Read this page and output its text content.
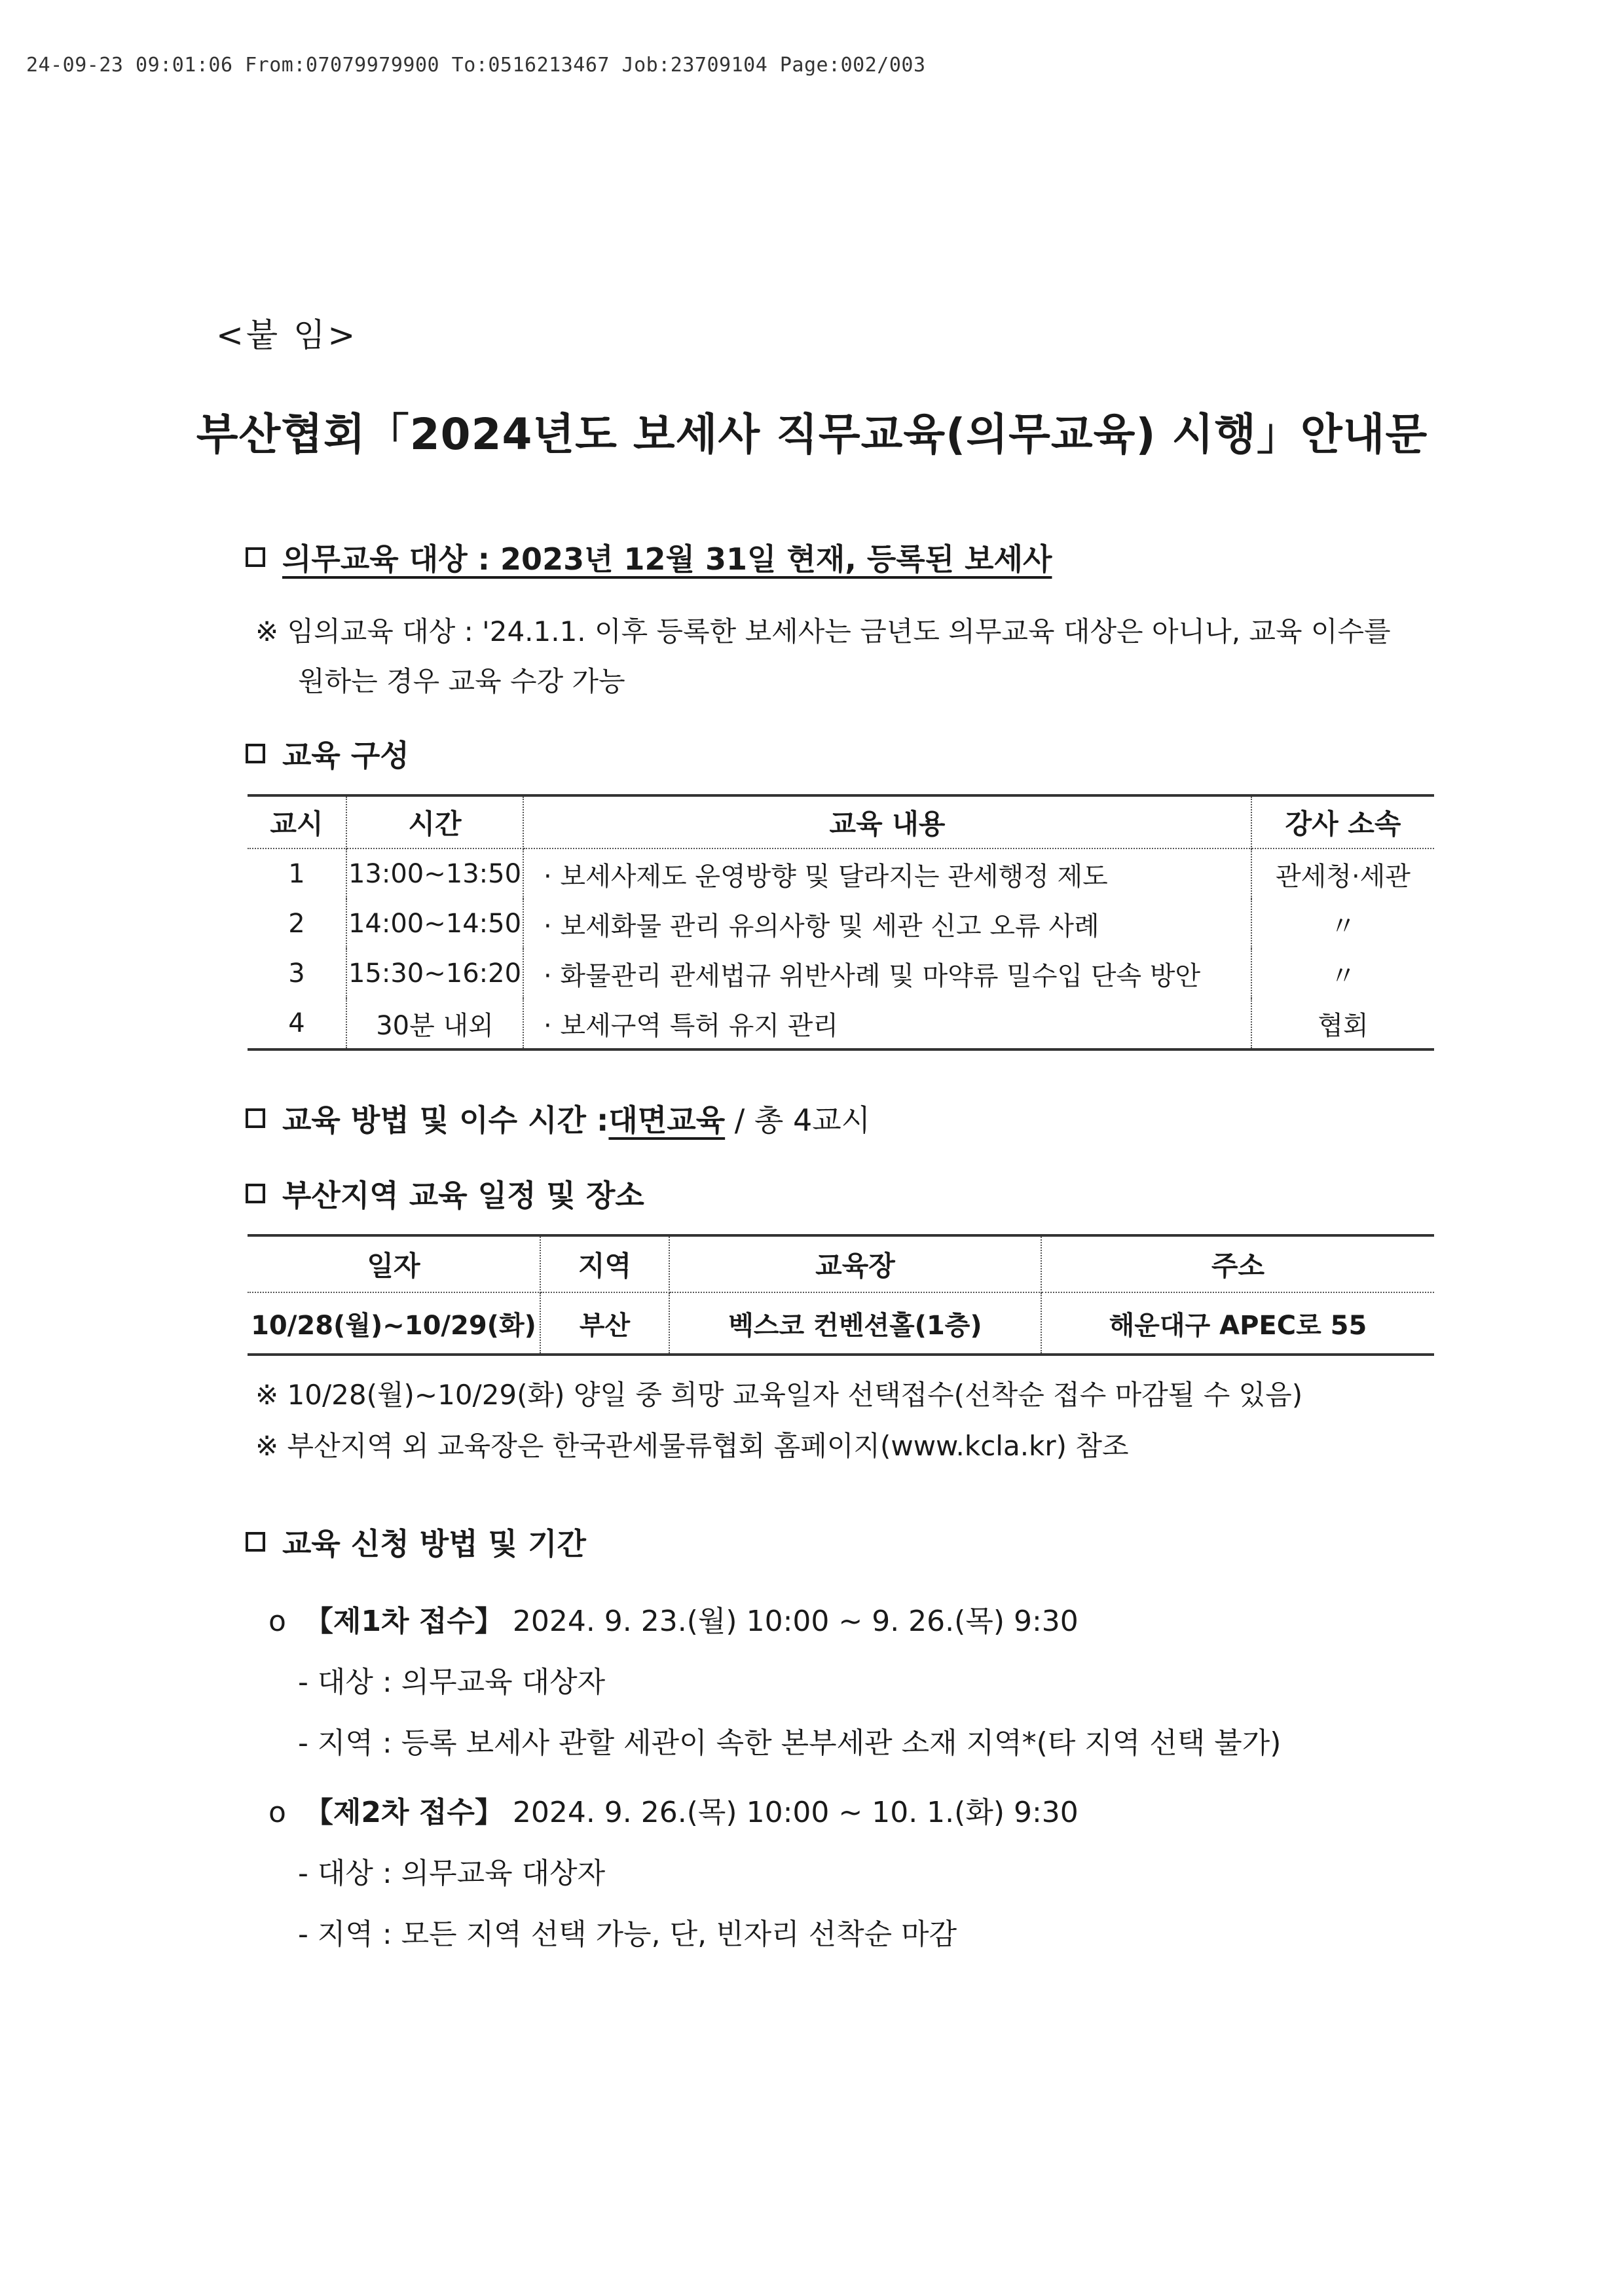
24-09-23 09:01:06 From:07079979900 To:0516213467 Job:23709104 Page:002/003
<붙 임>
부산협회「2024년도 보세사 직무교육(의무교육) 시행」안내문
의무교육 대상 : 2023년 12월 31일 현재, 등록된 보세사
※ 임의교육 대상 : '24.1.1. 이후 등록한 보세사는 금년도 의무교육 대상은 아니나, 교육 이수를
원하는 경우 교육 수강 가능
교육 구성
교시	시간	교육 내용	강사 소속
1	13:00~13:50	· 보세사제도 운영방향 및 달라지는 관세행정 제도	관세청·세관
2	14:00~14:50	· 보세화물 관리 유의사항 및 세관 신고 오류 사례	〃
3	15:30~16:20	· 화물관리 관세법규 위반사례 및 마약류 밀수입 단속 방안	〃
4	30분 내외	· 보세구역 특허 유지 관리	협회
교육 방법 및 이수 시간 : 대면교육 / 총 4교시
부산지역 교육 일정 및 장소
일자	지역	교육장	주소
10/28(월)~10/29(화)	부산	벡스코 컨벤션홀(1층)	해운대구 APEC로 55
※ 10/28(월)~10/29(화) 양일 중 희망 교육일자 선택접수(선착순 접수 마감될 수 있음)
※ 부산지역 외 교육장은 한국관세물류협회 홈페이지(www.kcla.kr) 참조
교육 신청 방법 및 기간
o 【제1차 접수】 2024. 9. 23.(월) 10:00 ~ 9. 26.(목) 9:30
- 대상 : 의무교육 대상자
- 지역 : 등록 보세사 관할 세관이 속한 본부세관 소재 지역*(타 지역 선택 불가)
o 【제2차 접수】 2024. 9. 26.(목) 10:00 ~ 10. 1.(화) 9:30
- 대상 : 의무교육 대상자
- 지역 : 모든 지역 선택 가능, 단, 빈자리 선착순 마감
